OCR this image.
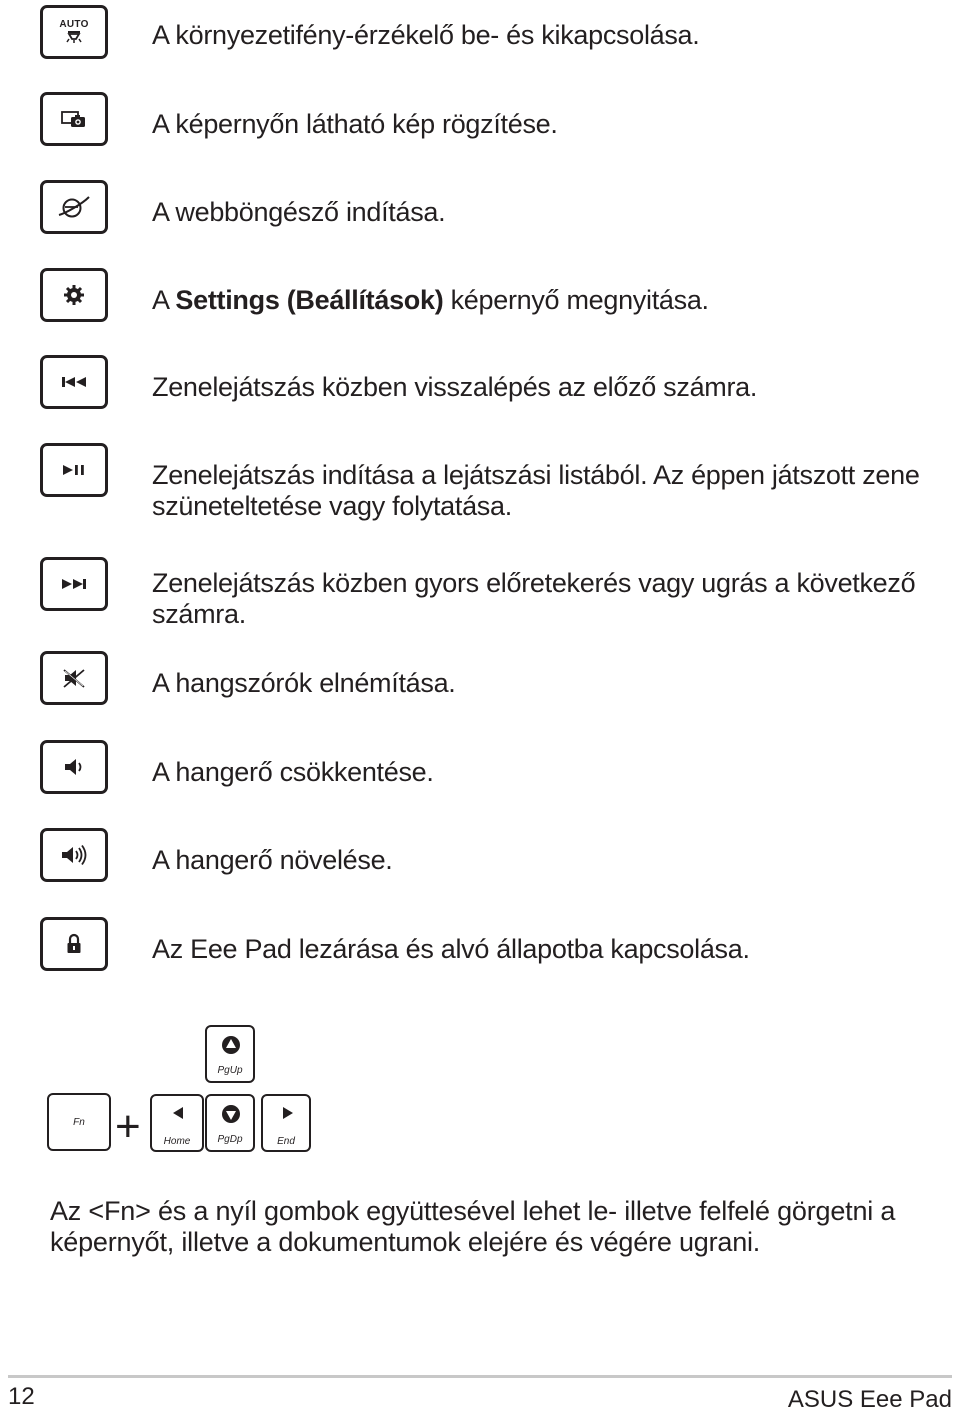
AUTO A környezetifény-érzékelő be- és kikapcsolása.
A képernyőn látható kép rögzítése.
A webböngésző indítása.
A Settings (Beállítások) képernyő megnyitása.
Zenelejátszás közben visszalépés az előző számra.
Zenelejátszás indítása a lejátszási listából. Az éppen játszott zene
szüneteltetése vagy folytatása.
Zenelejátszás közben gyors előretekerés vagy ugrás a következő
számra.
A hangszórók elnémítása.
A hangerő csökkentése.
A hangerő növelése.
Az Eee Pad lezárása és alvó állapotba kapcsolása.
Fn +
PgUp
Home	PgDp	End
Az <Fn> és a nyíl gombok együttesével lehet le- illetve felfelé görgetni a
képernyőt, illetve a dokumentumok elejére és végére ugrani.
12	ASUS Eee Pad
